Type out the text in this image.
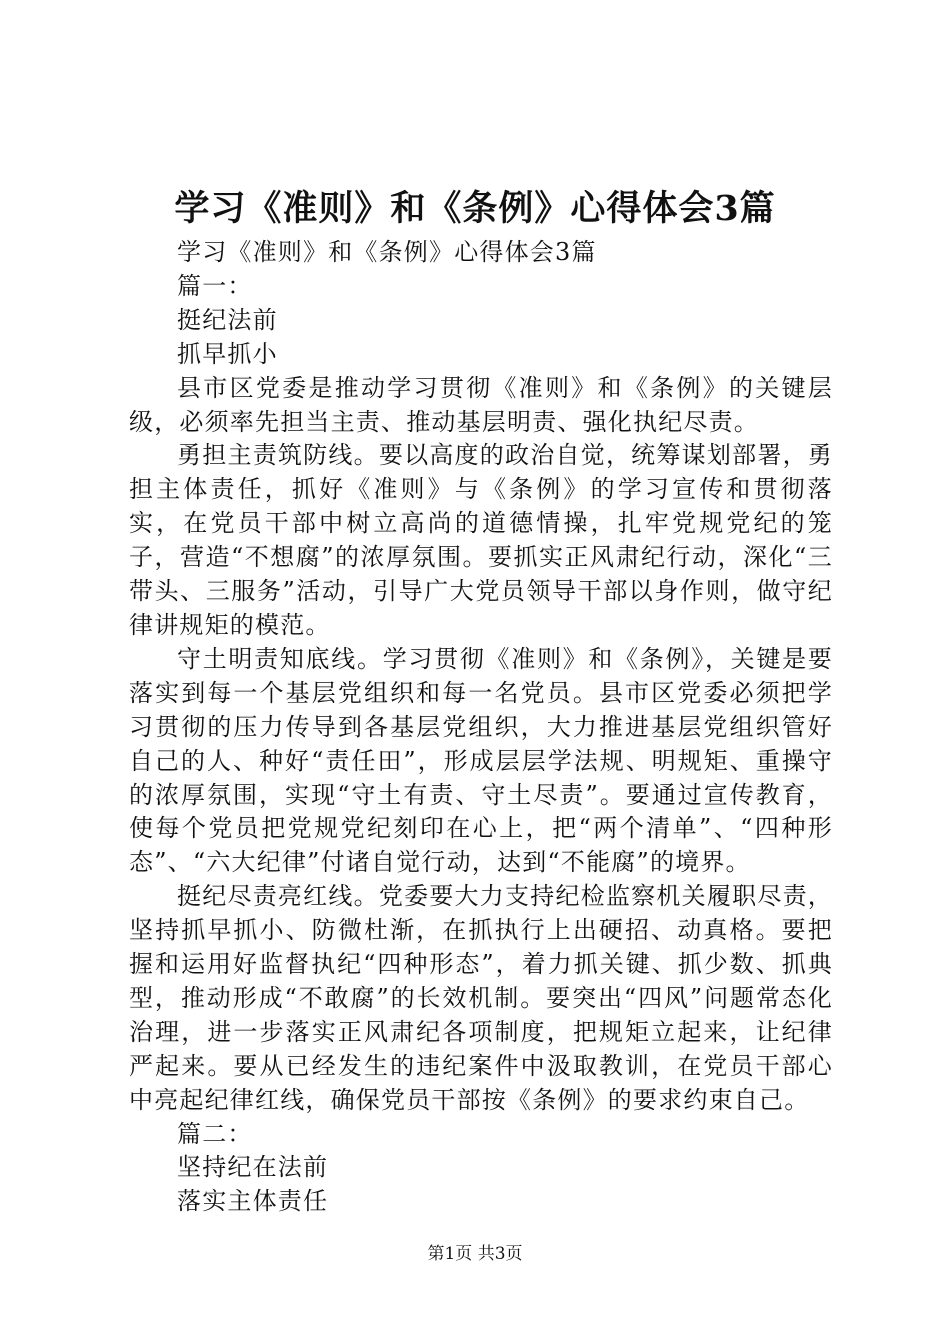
学习《准则》和《条例》心得体会3篇

学习《准则》和《条例》心得体会3篇

篇一：

挺纪法前

抓早抓小

县市区党委是推动学习贯彻《准则》和《条例》的关键层级，必须率先担当主责、推动基层明责、强化执纪尽责。

勇担主责筑防线。要以高度的政治自觉，统筹谋划部署，勇担主体责任，抓好《准则》与《条例》的学习宣传和贯彻落实，在党员干部中树立高尚的道德情操，扎牢党规党纪的笼子，营造“不想腐”的浓厚氛围。要抓实正风肃纪行动，深化“三带头、三服务”活动，引导广大党员领导干部以身作则，做守纪律讲规矩的模范。

守土明责知底线。学习贯彻《准则》和《条例》，关键是要落实到每一个基层党组织和每一名党员。县市区党委必须把学习贯彻的压力传导到各基层党组织，大力推进基层党组织管好自己的人、种好“责任田”，形成层层学法规、明规矩、重操守的浓厚氛围，实现“守土有责、守土尽责”。要通过宣传教育，使每个党员把党规党纪刻印在心上，把“两个清单”、“四种形态”、“六大纪律”付诸自觉行动，达到“不能腐”的境界。

挺纪尽责亮红线。党委要大力支持纪检监察机关履职尽责，坚持抓早抓小、防微杜渐，在抓执行上出硬招、动真格。要把握和运用好监督执纪“四种形态”，着力抓关键、抓少数、抓典型，推动形成“不敢腐”的长效机制。要突出“四风”问题常态化治理，进一步落实正风肃纪各项制度，把规矩立起来，让纪律严起来。要从已经发生的违纪案件中汲取教训，在党员干部心中亮起纪律红线，确保党员干部按《条例》的要求约束自己。

篇二：

坚持纪在法前

落实主体责任

第1页 共3页
